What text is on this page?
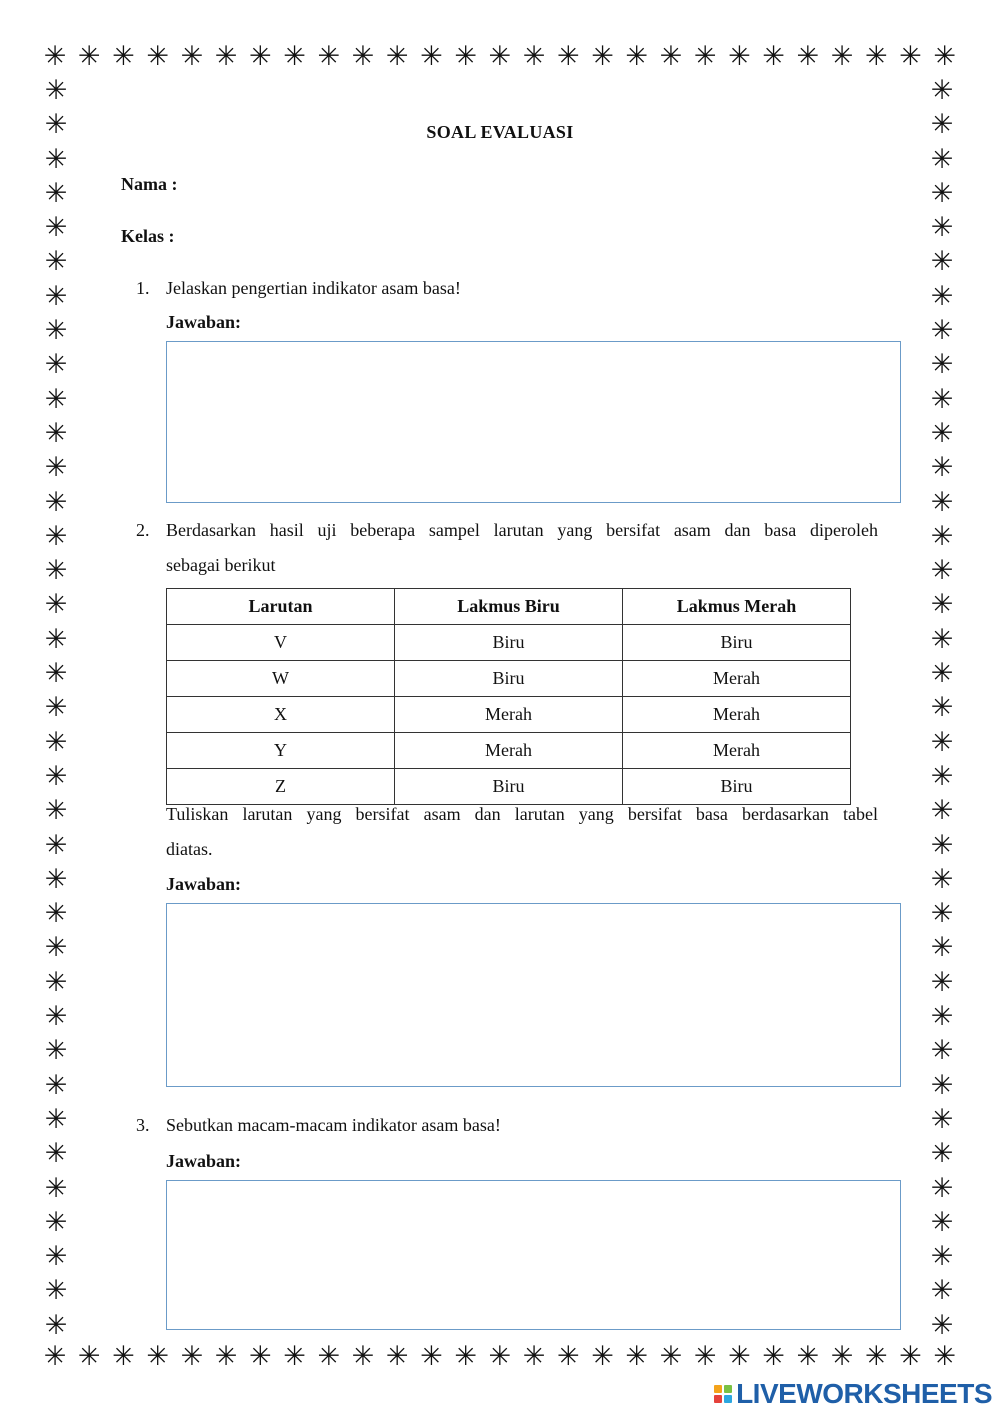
✳ ✳ ✳ ✳ ✳ ✳ ✳ ✳ ✳ ✳ ✳ ✳ ✳ ✳ ✳ ✳ ✳ ✳ ✳ ✳ ✳ ✳ ✳ ✳ ✳ ✳ ✳
✳ ✳ ✳ ✳ ✳ ✳ ✳ ✳ ✳ ✳ ✳ ✳ ✳ ✳ ✳ ✳ ✳ ✳ ✳ ✳ ✳ ✳ ✳ ✳ ✳ ✳ ✳
✳
✳
✳
✳
✳
✳
✳
✳
✳
✳
✳
✳
✳
✳
✳
✳
✳
✳
✳
✳
✳
✳
✳
✳
✳
✳
✳
✳
✳
✳
✳
✳
✳
✳
✳
✳
✳
✳
✳
✳
✳
✳
✳
✳
✳
✳
✳
✳
✳
✳
✳
✳
✳
✳
✳
✳
✳
✳
✳
✳
✳
✳
✳
✳
✳
✳
✳
✳
✳
✳
✳
✳
✳
✳
SOAL EVALUASI
Nama :
Kelas :
1. Jelaskan pengertian indikator asam basa!
Jawaban:
2. Berdasarkan hasil uji beberapa sampel larutan yang bersifat asam dan basa diperoleh
sebagai berikut
Larutan	Lakmus Biru	Lakmus Merah
V	Biru	Biru
W	Biru	Merah
X	Merah	Merah
Y	Merah	Merah
Z	Biru	Biru
Tuliskan larutan yang bersifat asam dan larutan yang bersifat basa berdasarkan tabel
diatas.
Jawaban:
3. Sebutkan macam-macam indikator asam basa!
Jawaban:
LIVEWORKSHEETS
